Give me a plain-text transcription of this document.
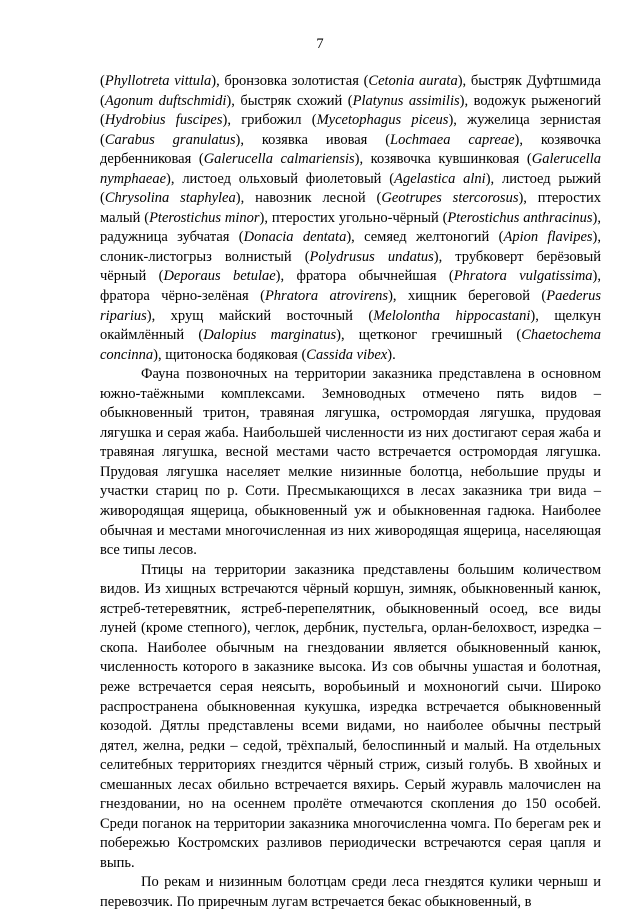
7

(Phyllotreta vittula), бронзовка золотистая (Cetonia aurata), быстряк Дуфтшмида (Agonum duftschmidi), быстряк схожий (Platynus assimilis), водожук рыженогий (Hydrobius fuscipes), грибожил (Mycetophagus piceus), жужелица зернистая (Carabus granulatus), козявка ивовая (Lochmaea capreae), козявочка дербенниковая (Galerucella calmariensis), козявочка кувшинковая (Galerucella nymphaeae), листоед ольховый фиолетовый (Agelastica alni), листоед рыжий (Chrysolina staphylea), навозник лесной (Geotrupes stercorosus), птеростих малый (Pterostichus minor), птеростих угольно-чёрный (Pterostichus anthracinus), радужница зубчатая (Donacia dentata), семяед желтоногий (Apion flavipes), слоник-листогрыз волнистый (Polydrusus undatus), трубковерт берёзовый чёрный (Deporaus betulae), фратора обычнейшая (Phratora vulgatissima), фратора чёрно-зелёная (Phratora atrovirens), хищник береговой (Paederus riparius), хрущ майский восточный (Melolontha hippocastani), щелкун окаймлённый (Dalopius marginatus), щетконог гречишный (Chaetochema concinna), щитоноска бодяковая (Cassida vibex).

Фауна позвоночных на территории заказника представлена в основном южно-таёжными комплексами. Земноводных отмечено пять видов – обыкновенный тритон, травяная лягушка, остромордая лягушка, прудовая лягушка и серая жаба. Наибольшей численности из них достигают серая жаба и травяная лягушка, весной местами часто встречается остромордая лягушка. Прудовая лягушка населяет мелкие низинные болотца, небольшие пруды и участки стариц по р. Соти. Пресмыкающихся в лесах заказника три вида – живородящая ящерица, обыкновенный уж и обыкновенная гадюка. Наиболее обычная и местами многочисленная из них живородящая ящерица, населяющая все типы лесов.

Птицы на территории заказника представлены большим количеством видов. Из хищных встречаются чёрный коршун, зимняк, обыкновенный канюк, ястреб-тетеревятник, ястреб-перепелятник, обыкновенный осоед, все виды луней (кроме степного), чеглок, дербник, пустельга, орлан-белохвост, изредка – скопа. Наиболее обычным на гнездовании является обыкновенный канюк, численность которого в заказнике высока. Из сов обычны ушастая и болотная, реже встречается серая неясыть, воробьиный и мохноногий сычи. Широко распространена обыкновенная кукушка, изредка встречается обыкновенный козодой. Дятлы представлены всеми видами, но наиболее обычны пестрый дятел, желна, редки – седой, трёхпалый, белоспинный и малый. На отдельных селитебных территориях гнездится чёрный стриж, сизый голубь. В хвойных и смешанных лесах обильно встречается вяхирь. Серый журавль малочислен на гнездовании, но на осеннем пролёте отмечаются скопления до 150 особей. Среди поганок на территории заказника многочисленна чомга. По берегам рек и побережью Костромских разливов периодически встречаются серая цапля и выпь.

По рекам и низинным болотцам среди леса гнездятся кулики черныш и перевозчик. По приречным лугам встречается бекас обыкновенный, в
